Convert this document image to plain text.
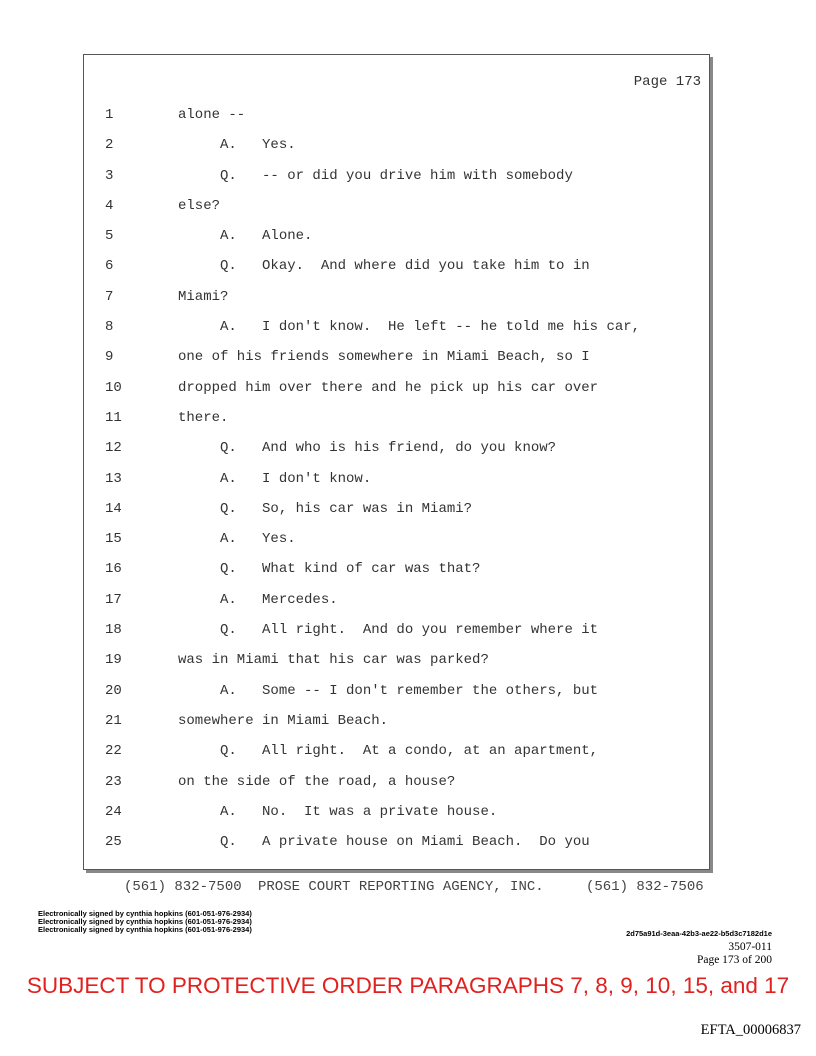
Page 173
1	alone --
2	A.   Yes.
3	Q.   -- or did you drive him with somebody
4	else?
5	A.   Alone.
6	Q.   Okay.  And where did you take him to in
7	Miami?
8	A.   I don't know.  He left -- he told me his car,
9	one of his friends somewhere in Miami Beach, so I
10	dropped him over there and he pick up his car over
11	there.
12	Q.   And who is his friend, do you know?
13	A.   I don't know.
14	Q.   So, his car was in Miami?
15	A.   Yes.
16	Q.   What kind of car was that?
17	A.   Mercedes.
18	Q.   All right.  And do you remember where it
19	was in Miami that his car was parked?
20	A.   Some -- I don't remember the others, but
21	somewhere in Miami Beach.
22	Q.   All right.  At a condo, at an apartment,
23	on the side of the road, a house?
24	A.   No.  It was a private house.
25	Q.   A private house on Miami Beach.  Do you

(561) 832-7500

PROSE COURT REPORTING AGENCY, INC.

	(561) 832-7506

Electronically signed by cynthia hopkins (601-051-976-2934)
Electronically signed by cynthia hopkins (601-051-976-2934)
Electronically signed by cynthia hopkins (601-051-976-2934)	2d75a91d-3eaa-42b3-ae22-b5d3c7182d1e
3507-011
Page 173 of 200
SUBJECT TO PROTECTIVE ORDER PARAGRAPHS 7, 8, 9, 10, 15, and 17
EFTA_00006837
